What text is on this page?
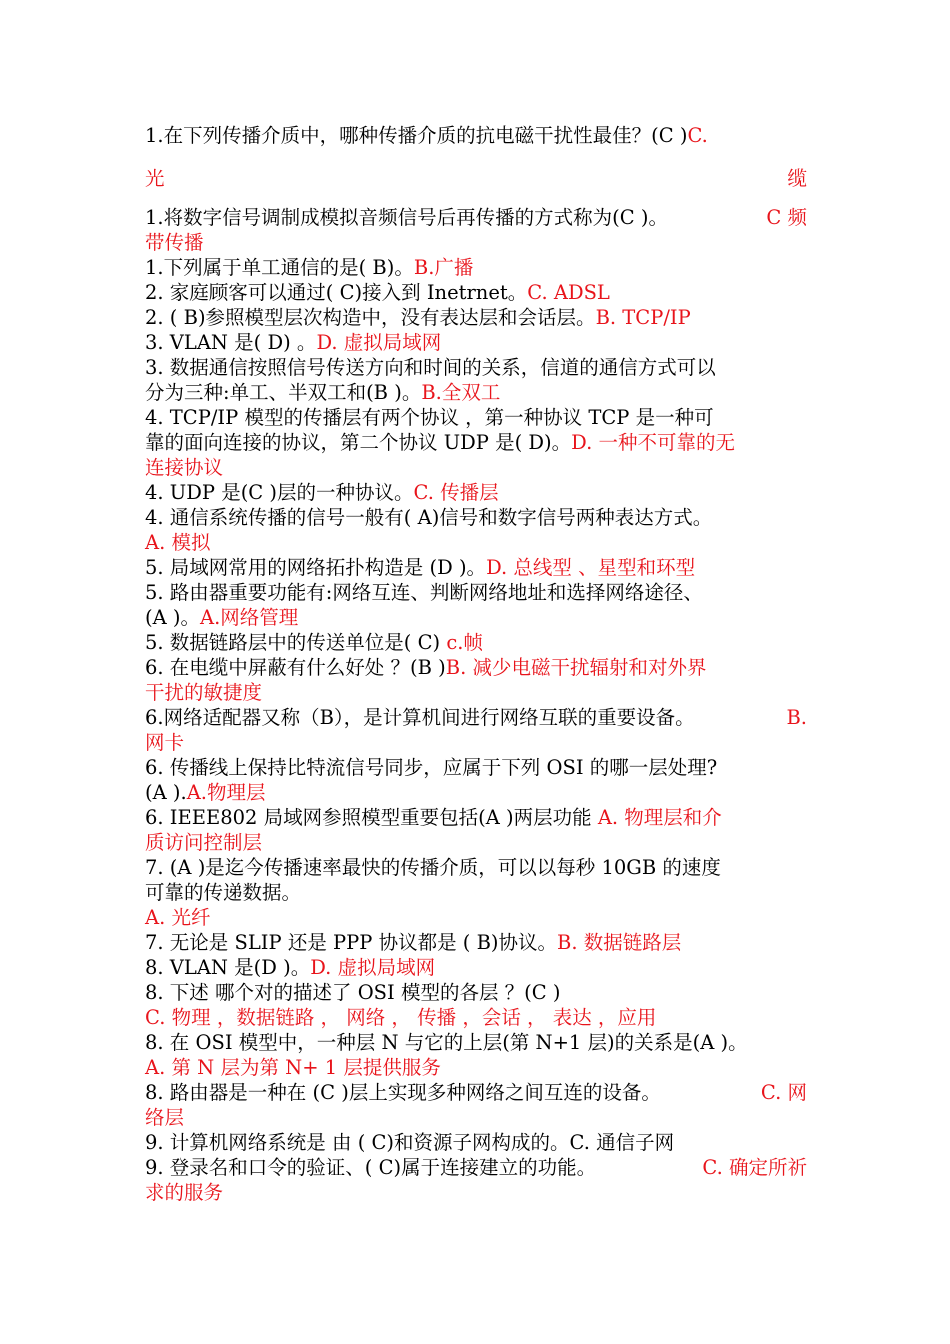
1.在下列传播介质中，哪种传播介质的抗电磁干扰性最佳？(C )C.
光	缆
1.将数字信号调制成模拟音频信号后再传播的方式称为(C )。	C 频
带传播
1.下列属于单工通信的是( B)。B.广播
2. 家庭顾客可以通过( C)接入到 Inetrnet。C. ADSL
2. ( B)参照模型层次构造中，没有表达层和会话层。B. TCP/IP
3. VLAN 是( D) 。D. 虚拟局域网
3. 数据通信按照信号传送方向和时间的关系，信道的通信方式可以
分为三种:单工、半双工和(B )。B.全双工
4. TCP/IP 模型的传播层有两个协议 ，第一种协议 TCP 是一种可
靠的面向连接的协议，第二个协议 UDP 是( D)。D. 一种不可靠的无
连接协议
4. UDP 是(C )层的一种协议。C. 传播层
4. 通信系统传播的信号一般有( A)信号和数字信号两种表达方式。
A. 模拟
5. 局域网常用的网络拓扑构造是 (D )。D. 总线型 、星型和环型
5. 路由器重要功能有:网络互连、判断网络地址和选择网络途径、
(A )。A.网络管理
5. 数据链路层中的传送单位是( C) c.帧
6. 在电缆中屏蔽有什么好处 ？(B )B. 减少电磁干扰辐射和对外界
干扰的敏捷度
6.网络适配器又称（B），是计算机间进行网络互联的重要设备。	B.
网卡
6. 传播线上保持比特流信号同步，应属于下列 OSI 的哪一层处理?
(A ).A.物理层
6. IEEE802 局域网参照模型重要包括(A )两层功能 A. 物理层和介
质访问控制层
7. (A )是迄今传播速率最快的传播介质，可以以每秒 10GB 的速度
可靠的传递数据。
A. 光纤
7. 无论是 SLIP 还是 PPP 协议都是 ( B)协议。B. 数据链路层
8. VLAN 是(D )。D. 虚拟局域网
8. 下述 哪个对的描述了 OSI 模型的各层 ？(C )
C. 物理 ，数据链路 ， 网络 ， 传播 ，会话 ， 表达 ，应用
8. 在 OSI 模型中，一种层 N 与它的上层(第 N+1 层)的关系是(A )。
A. 第 N 层为第 N+ 1 层提供服务
8. 路由器是一种在 (C )层上实现多种网络之间互连的设备。	C. 网
络层
9. 计算机网络系统是 由 ( C)和资源子网构成的。C. 通信子网
9. 登录名和口令的验证、( C)属于连接建立的功能。	C. 确定所祈
求的服务
